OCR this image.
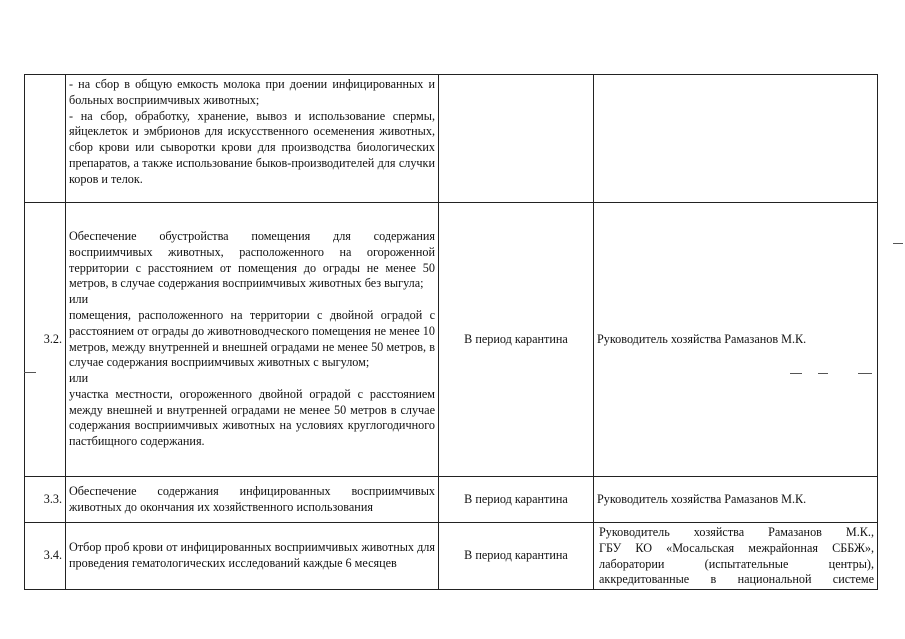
	- на сбор в общую емкость молока при доении инфицированных и больных восприимчивых животных;

- на сбор, обработку, хранение, вывоз и использование спермы, яйцеклеток и эмбрионов для искусственного осеменения животных, сбор крови или сыворотки крови для производства биологических препаратов, а также использование быков-производителей для случки коров и телок.		

3.2.	Обеспечение обустройства помещения для содержания восприимчивых животных, расположенного на огороженной территории с расстоянием от помещения до ограды не менее 50 метров, в случае содержания восприимчивых животных без выгула;

или

помещения, расположенного на территории с двойной оградой с расстоянием от ограды до животноводческого помещения не менее 10 метров, между внутренней и внешней оградами не менее 50 метров, в случае содержания восприимчивых животных с выгулом;

или

участка местности, огороженного двойной оградой с расстоянием между внешней и внутренней оградами не менее 50 метров в случае содержания восприимчивых животных на условиях круглогодичного пастбищного содержания.	В период карантина	Руководитель хозяйства Рамазанов М.К.
3.3.	Обеспечение содержания инфицированных восприимчивых животных до окончания их хозяйственного использования	В период карантина	Руководитель хозяйства Рамазанов М.К.
3.4.	Отбор проб крови от инфицированных восприимчивых животных для проведения гематологических исследований каждые 6 месяцев	В период карантина	Руководитель хозяйства Рамазанов М.К.,
ГБУ КО «Мосальская межрайонная СББЖ»,
лаборатории (испытательные центры),
аккредитованные в национальной системе
